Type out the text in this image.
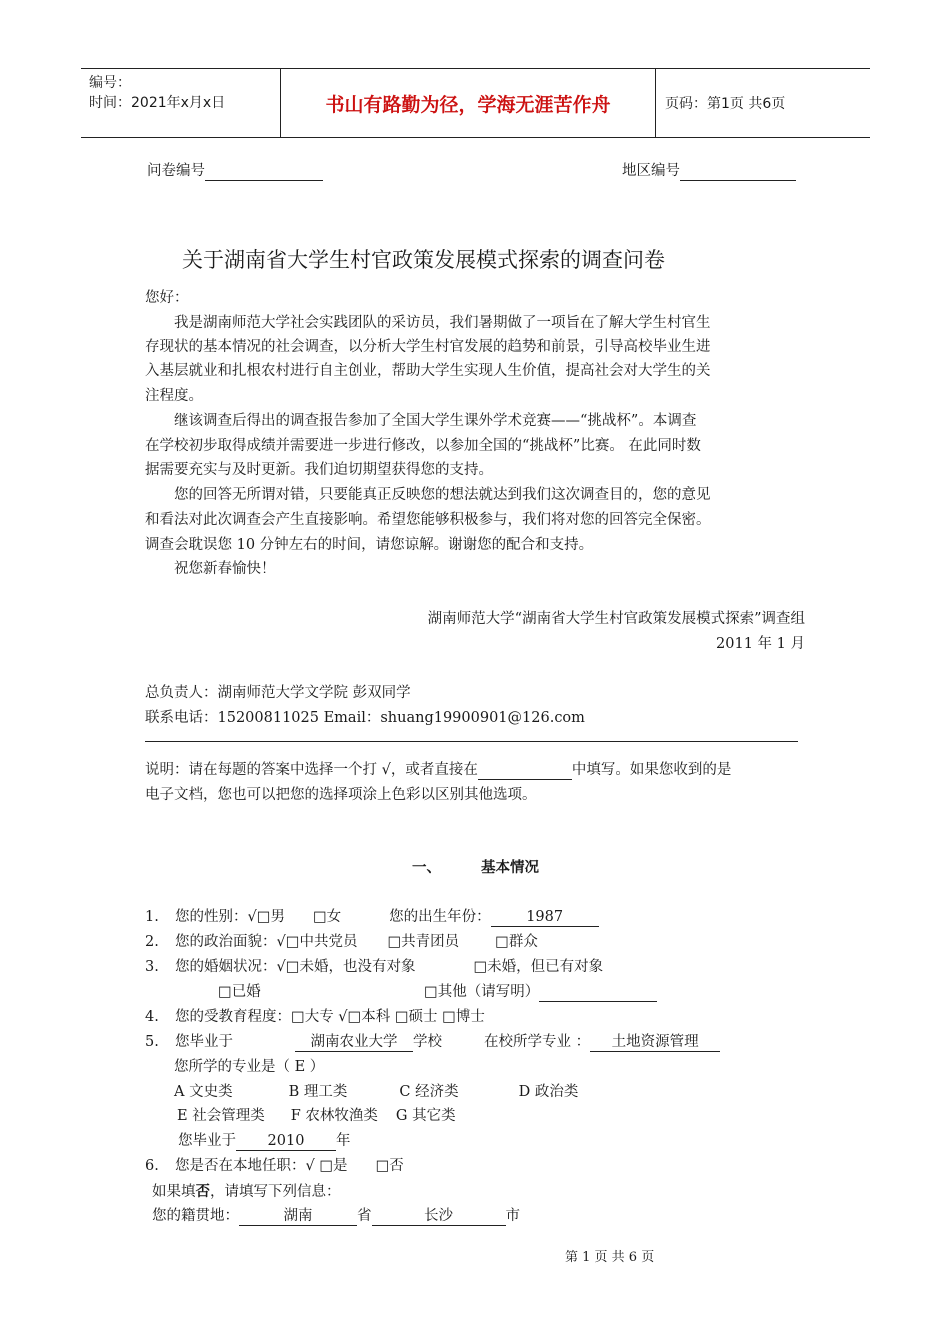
编号：
时间：2021年x月x日	书山有路勤为径，学海无涯苦作舟	页码：第1页 共6页
问卷编号	地区编号
关于湖南省大学生村官政策发展模式探索的调查问卷
您好：
我是湖南师范大学社会实践团队的采访员，我们暑期做了一项旨在了解大学生村官生
存现状的基本情况的社会调查，以分析大学生村官发展的趋势和前景，引导高校毕业生进
入基层就业和扎根农村进行自主创业，帮助大学生实现人生价值，提高社会对大学生的关
注程度。
继该调查后得出的调查报告参加了全国大学生课外学术竞赛——“挑战杯”。本调查
在学校初步取得成绩并需要进一步进行修改，以参加全国的“挑战杯”比赛。 在此同时数
据需要充实与及时更新。我们迫切期望获得您的支持。
您的回答无所谓对错，只要能真正反映您的想法就达到我们这次调查目的，您的意见
和看法对此次调查会产生直接影响。希望您能够积极参与，我们将对您的回答完全保密。
调查会耽误您 10 分钟左右的时间，请您谅解。谢谢您的配合和支持。
祝您新春愉快！
湖南师范大学“湖南省大学生村官政策发展模式探索”调查组
2011 年 1 月
总负责人：湖南师范大学文学院 彭双同学
联系电话：15200811025 Email：shuang19900901@126.com
说明：请在每题的答案中选择一个打 √，或者直接在	中填写。如果您收到的是
电子文档，您也可以把您的选择项涂上色彩以区别其他选项。
一、	基本情况
1. 您的性别：√□男 □女	您的出生年份： 1987
2. 您的政治面貌：√□中共党员 □共青团员 □群众
3. 您的婚姻状况：√□未婚，也没有对象	□未婚，但已有对象
□已婚	□其他（请写明）
4. 您的受教育程度：□大专 √□本科 □硕士 □博士
5. 您毕业于	湖南农业大学 学校	在校所学专业 ： 土地资源管理
您所学的专业是（ E ）
A 文史类	B 理工类	C 经济类	D 政治类
E 社会管理类 F 农林牧渔类 G 其它类
您毕业于 2010 年
6. 您是否在本地任职：√ □是 □否
如果填否，请填写下列信息：
您的籍贯地：	湖南	省	长沙	市
第 1 页 共 6 页
